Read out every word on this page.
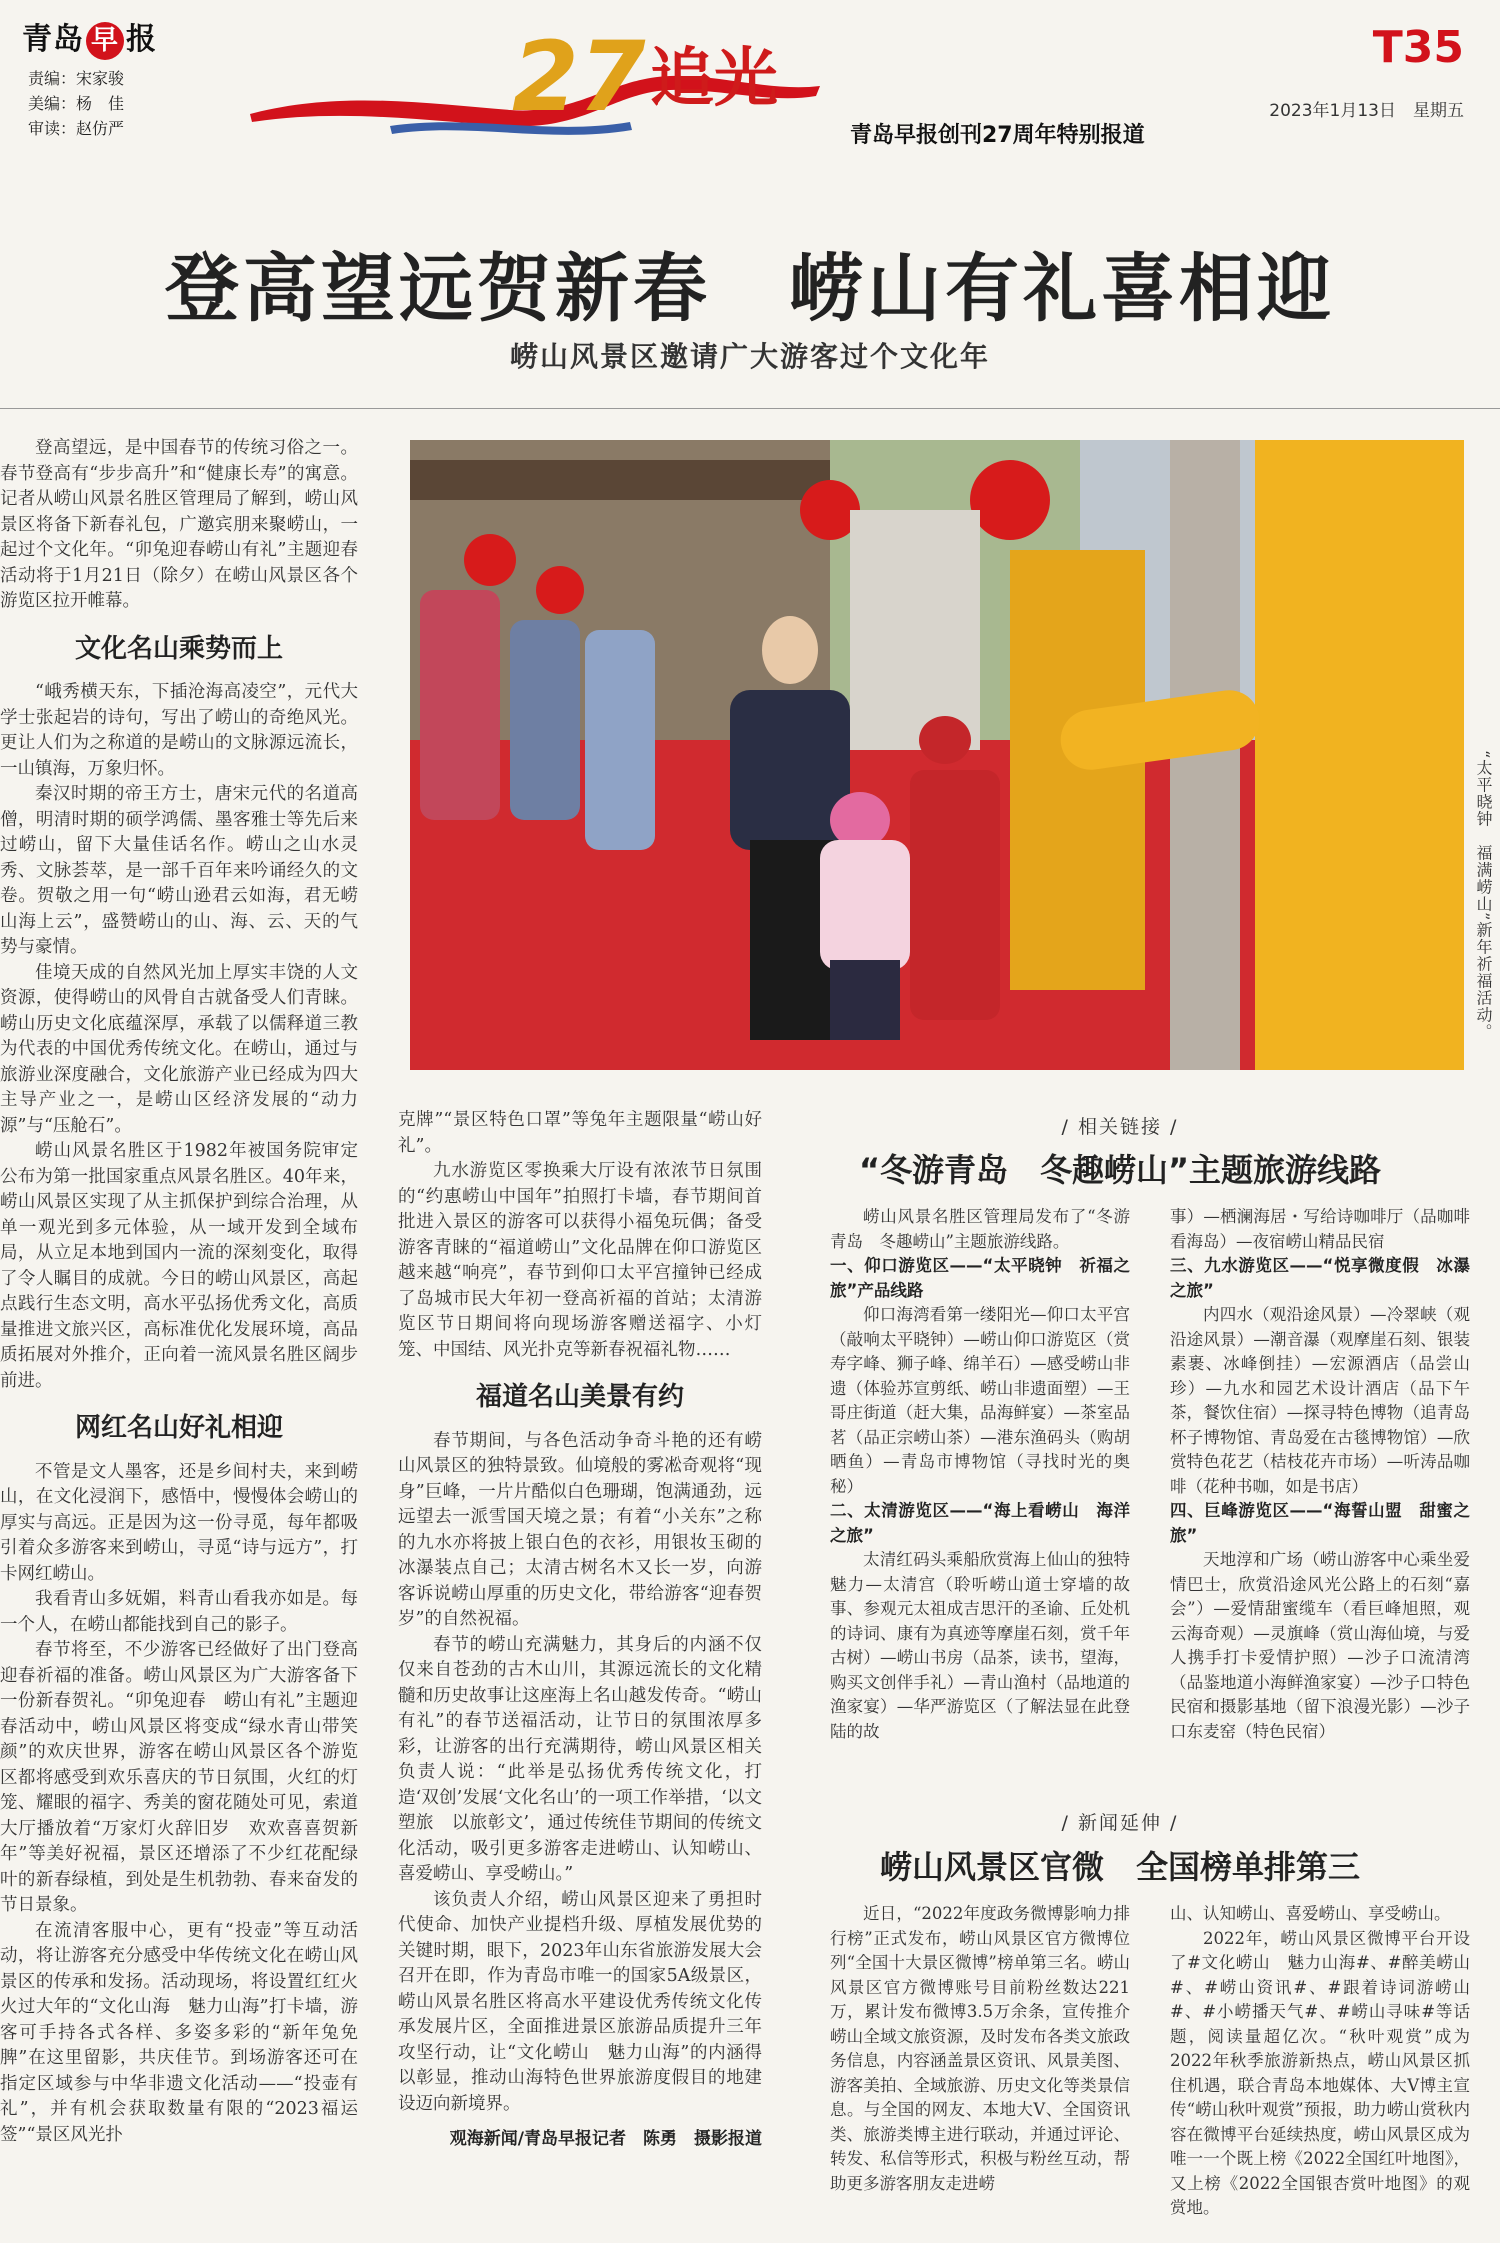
青岛 早 报
责编：宋家骏
美编：杨　佳
审读：赵仿严	27 追光
青岛早报创刊27周年特别报道
T35
2023年1月13日　星期五
登高望远贺新春　崂山有礼喜相迎
崂山风景区邀请广大游客过个文化年

登高望远，是中国春节的传统习俗之一。春节登高有“步步高升”和“健康长寿”的寓意。记者从崂山风景名胜区管理局了解到，崂山风景区将备下新春礼包，广邀宾朋来聚崂山，一起过个文化年。“卯兔迎春崂山有礼”主题迎春活动将于1月21日（除夕）在崂山风景区各个游览区拉开帷幕。

文化名山乘势而上

“峨秀横天东，下插沧海高凌空”，元代大学士张起岩的诗句，写出了崂山的奇绝风光。更让人们为之称道的是崂山的文脉源远流长，一山镇海，万象归怀。

秦汉时期的帝王方士，唐宋元代的名道高僧，明清时期的硕学鸿儒、墨客雅士等先后来过崂山，留下大量佳话名作。崂山之山水灵秀、文脉荟萃，是一部千百年来吟诵经久的文卷。贺敬之用一句“崂山逊君云如海，君无崂山海上云”，盛赞崂山的山、海、云、天的气势与豪情。

佳境天成的自然风光加上厚实丰饶的人文资源，使得崂山的风骨自古就备受人们青睐。崂山历史文化底蕴深厚，承载了以儒释道三教为代表的中国优秀传统文化。在崂山，通过与旅游业深度融合，文化旅游产业已经成为四大主导产业之一，是崂山区经济发展的“动力源”与“压舱石”。

崂山风景名胜区于1982年被国务院审定公布为第一批国家重点风景名胜区。40年来，崂山风景区实现了从主抓保护到综合治理，从单一观光到多元体验，从一域开发到全域布局，从立足本地到国内一流的深刻变化，取得了令人瞩目的成就。今日的崂山风景区，高起点践行生态文明，高水平弘扬优秀文化，高质量推进文旅兴区，高标准优化发展环境，高品质拓展对外推介，正向着一流风景名胜区阔步前进。

网红名山好礼相迎

不管是文人墨客，还是乡间村夫，来到崂山，在文化浸润下，感悟中，慢慢体会崂山的厚实与高远。正是因为这一份寻觅，每年都吸引着众多游客来到崂山，寻觅“诗与远方”，打卡网红崂山。

我看青山多妩媚，料青山看我亦如是。每一个人，在崂山都能找到自己的影子。

春节将至，不少游客已经做好了出门登高迎春祈福的准备。崂山风景区为广大游客备下一份新春贺礼。“卯兔迎春　崂山有礼”主题迎春活动中，崂山风景区将变成“绿水青山带笑颜”的欢庆世界，游客在崂山风景区各个游览区都将感受到欢乐喜庆的节日氛围，火红的灯笼、耀眼的福字、秀美的窗花随处可见，索道大厅播放着“万家灯火辞旧岁　欢欢喜喜贺新年”等美好祝福，景区还增添了不少红花配绿叶的新春绿植，到处是生机勃勃、春来奋发的节日景象。

在流清客服中心，更有“投壶”等互动活动，将让游客充分感受中华传统文化在崂山风景区的传承和发扬。活动现场，将设置红红火火过大年的“文化山海　魅力山海”打卡墙，游客可手持各式各样、多姿多彩的“新年兔免脾”在这里留影，共庆佳节。到场游客还可在指定区域参与中华非遗文化活动——“投壶有礼”，并有机会获取数量有限的“2023福运签”“景区风光扑

“太平晓钟　福满崂山”新年祈福活动。

克牌”“景区特色口罩”等兔年主题限量“崂山好礼”。

九水游览区零换乘大厅设有浓浓节日氛围的“约惠崂山中国年”拍照打卡墙，春节期间首批进入景区的游客可以获得小福兔玩偶；备受游客青睐的“福道崂山”文化品牌在仰口游览区越来越“响亮”，春节到仰口太平宫撞钟已经成了岛城市民大年初一登高祈福的首站；太清游览区节日期间将向现场游客赠送福字、小灯笼、中国结、风光扑克等新春祝福礼物……

福道名山美景有约

春节期间，与各色活动争奇斗艳的还有崂山风景区的独特景致。仙境般的雾凇奇观将“现身”巨峰，一片片酷似白色珊瑚，饱满通劲，远远望去一派雪国天境之景；有着“小关东”之称的九水亦将披上银白色的衣衫，用银妆玉砌的冰瀑装点自己；太清古树名木又长一岁，向游客诉说崂山厚重的历史文化，带给游客“迎春贺岁”的自然祝福。

春节的崂山充满魅力，其身后的内涵不仅仅来自苍劲的古木山川，其源远流长的文化精髓和历史故事让这座海上名山越发传奇。“崂山有礼”的春节送福活动，让节日的氛围浓厚多彩，让游客的出行充满期待，崂山风景区相关负责人说：“此举是弘扬优秀传统文化，打造‘双创’发展‘文化名山’的一项工作举措，‘以文塑旅　以旅彰文’，通过传统佳节期间的传统文化活动，吸引更多游客走进崂山、认知崂山、喜爱崂山、享受崂山。”

该负责人介绍，崂山风景区迎来了勇担时代使命、加快产业提档升级、厚植发展优势的关键时期，眼下，2023年山东省旅游发展大会召开在即，作为青岛市唯一的国家5A级景区，崂山风景名胜区将高水平建设优秀传统文化传承发展片区，全面推进景区旅游品质提升三年攻坚行动，让“文化崂山　魅力山海”的内涵得以彰显，推动山海特色世界旅游度假目的地建设迈向新境界。

观海新闻/青岛早报记者　陈勇　摄影报道
/ 相关链接 /
“冬游青岛　冬趣崂山”主题旅游线路

崂山风景名胜区管理局发布了“冬游青岛　冬趣崂山”主题旅游线路。

一、仰口游览区——“太平晓钟　祈福之旅”产品线路

仰口海湾看第一缕阳光—仰口太平宫（敲响太平晓钟）—崂山仰口游览区（赏寿字峰、狮子峰、绵羊石）—感受崂山非遗（体验苏宣剪纸、崂山非遗面塑）—王哥庄街道（赶大集，品海鲜宴）—茶室品茗（品正宗崂山茶）—港东渔码头（购胡晒鱼）—青岛市博物馆（寻找时光的奥秘）

二、太清游览区——“海上看崂山　海洋之旅”

太清红码头乘船欣赏海上仙山的独特魅力—太清宫（聆听崂山道士穿墙的故事、参观元太祖成吉思汗的圣谕、丘处机的诗词、康有为真迹等摩崖石刻，赏千年古树）—崂山书房（品茶，读书，望海，购买文创伴手礼）—青山渔村（品地道的渔家宴）—华严游览区（了解法显在此登陆的故

事）—栖澜海居・写给诗咖啡厅（品咖啡看海岛）—夜宿崂山精品民宿

三、九水游览区——“悦享微度假　冰瀑之旅”

内四水（观沿途风景）—冷翠峡（观沿途风景）—潮音瀑（观摩崖石刻、银装素裹、冰峰倒挂）—宏源酒店（品尝山珍）—九水和园艺术设计酒店（品下午茶，餐饮住宿）—探寻特色博物（追青岛杯子博物馆、青岛爱在古毯博物馆）—欣赏特色花艺（桔枝花卉市场）—听涛品咖啡（花种书咖，如是书店）

四、巨峰游览区——“海誓山盟　甜蜜之旅”

天地淳和广场（崂山游客中心乘坐爱情巴士，欣赏沿途风光公路上的石刻“嘉会”）—爱情甜蜜缆车（看巨峰旭照，观云海奇观）—灵旗峰（赏山海仙境，与爱人携手打卡爱情护照）—沙子口流清湾（品鉴地道小海鲜渔家宴）—沙子口特色民宿和摄影基地（留下浪漫光影）—沙子口东麦窑（特色民宿）

/ 新闻延伸 /
崂山风景区官微　全国榜单排第三

近日，“2022年度政务微博影响力排行榜”正式发布，崂山风景区官方微博位列“全国十大景区微博”榜单第三名。崂山风景区官方微博账号目前粉丝数达221万，累计发布微博3.5万余条，宣传推介崂山全域文旅资源，及时发布各类文旅政务信息，内容涵盖景区资讯、风景美图、游客美拍、全域旅游、历史文化等类景信息。与全国的网友、本地大V、全国资讯类、旅游类博主进行联动，并通过评论、转发、私信等形式，积极与粉丝互动，帮助更多游客朋友走进崂

山、认知崂山、喜爱崂山、享受崂山。

2022年，崂山风景区微博平台开设了#文化崂山　魅力山海#、#醉美崂山#、#崂山资讯#、#跟着诗词游崂山#、#小崂播天气#、#崂山寻味#等话题，阅读量超亿次。“秋叶观赏”成为2022年秋季旅游新热点，崂山风景区抓住机遇，联合青岛本地媒体、大V博主宣传“崂山秋叶观赏”预报，助力崂山赏秋内容在微博平台延续热度，崂山风景区成为唯一一个既上榜《2022全国红叶地图》，又上榜《2022全国银杏赏叶地图》的观赏地。
